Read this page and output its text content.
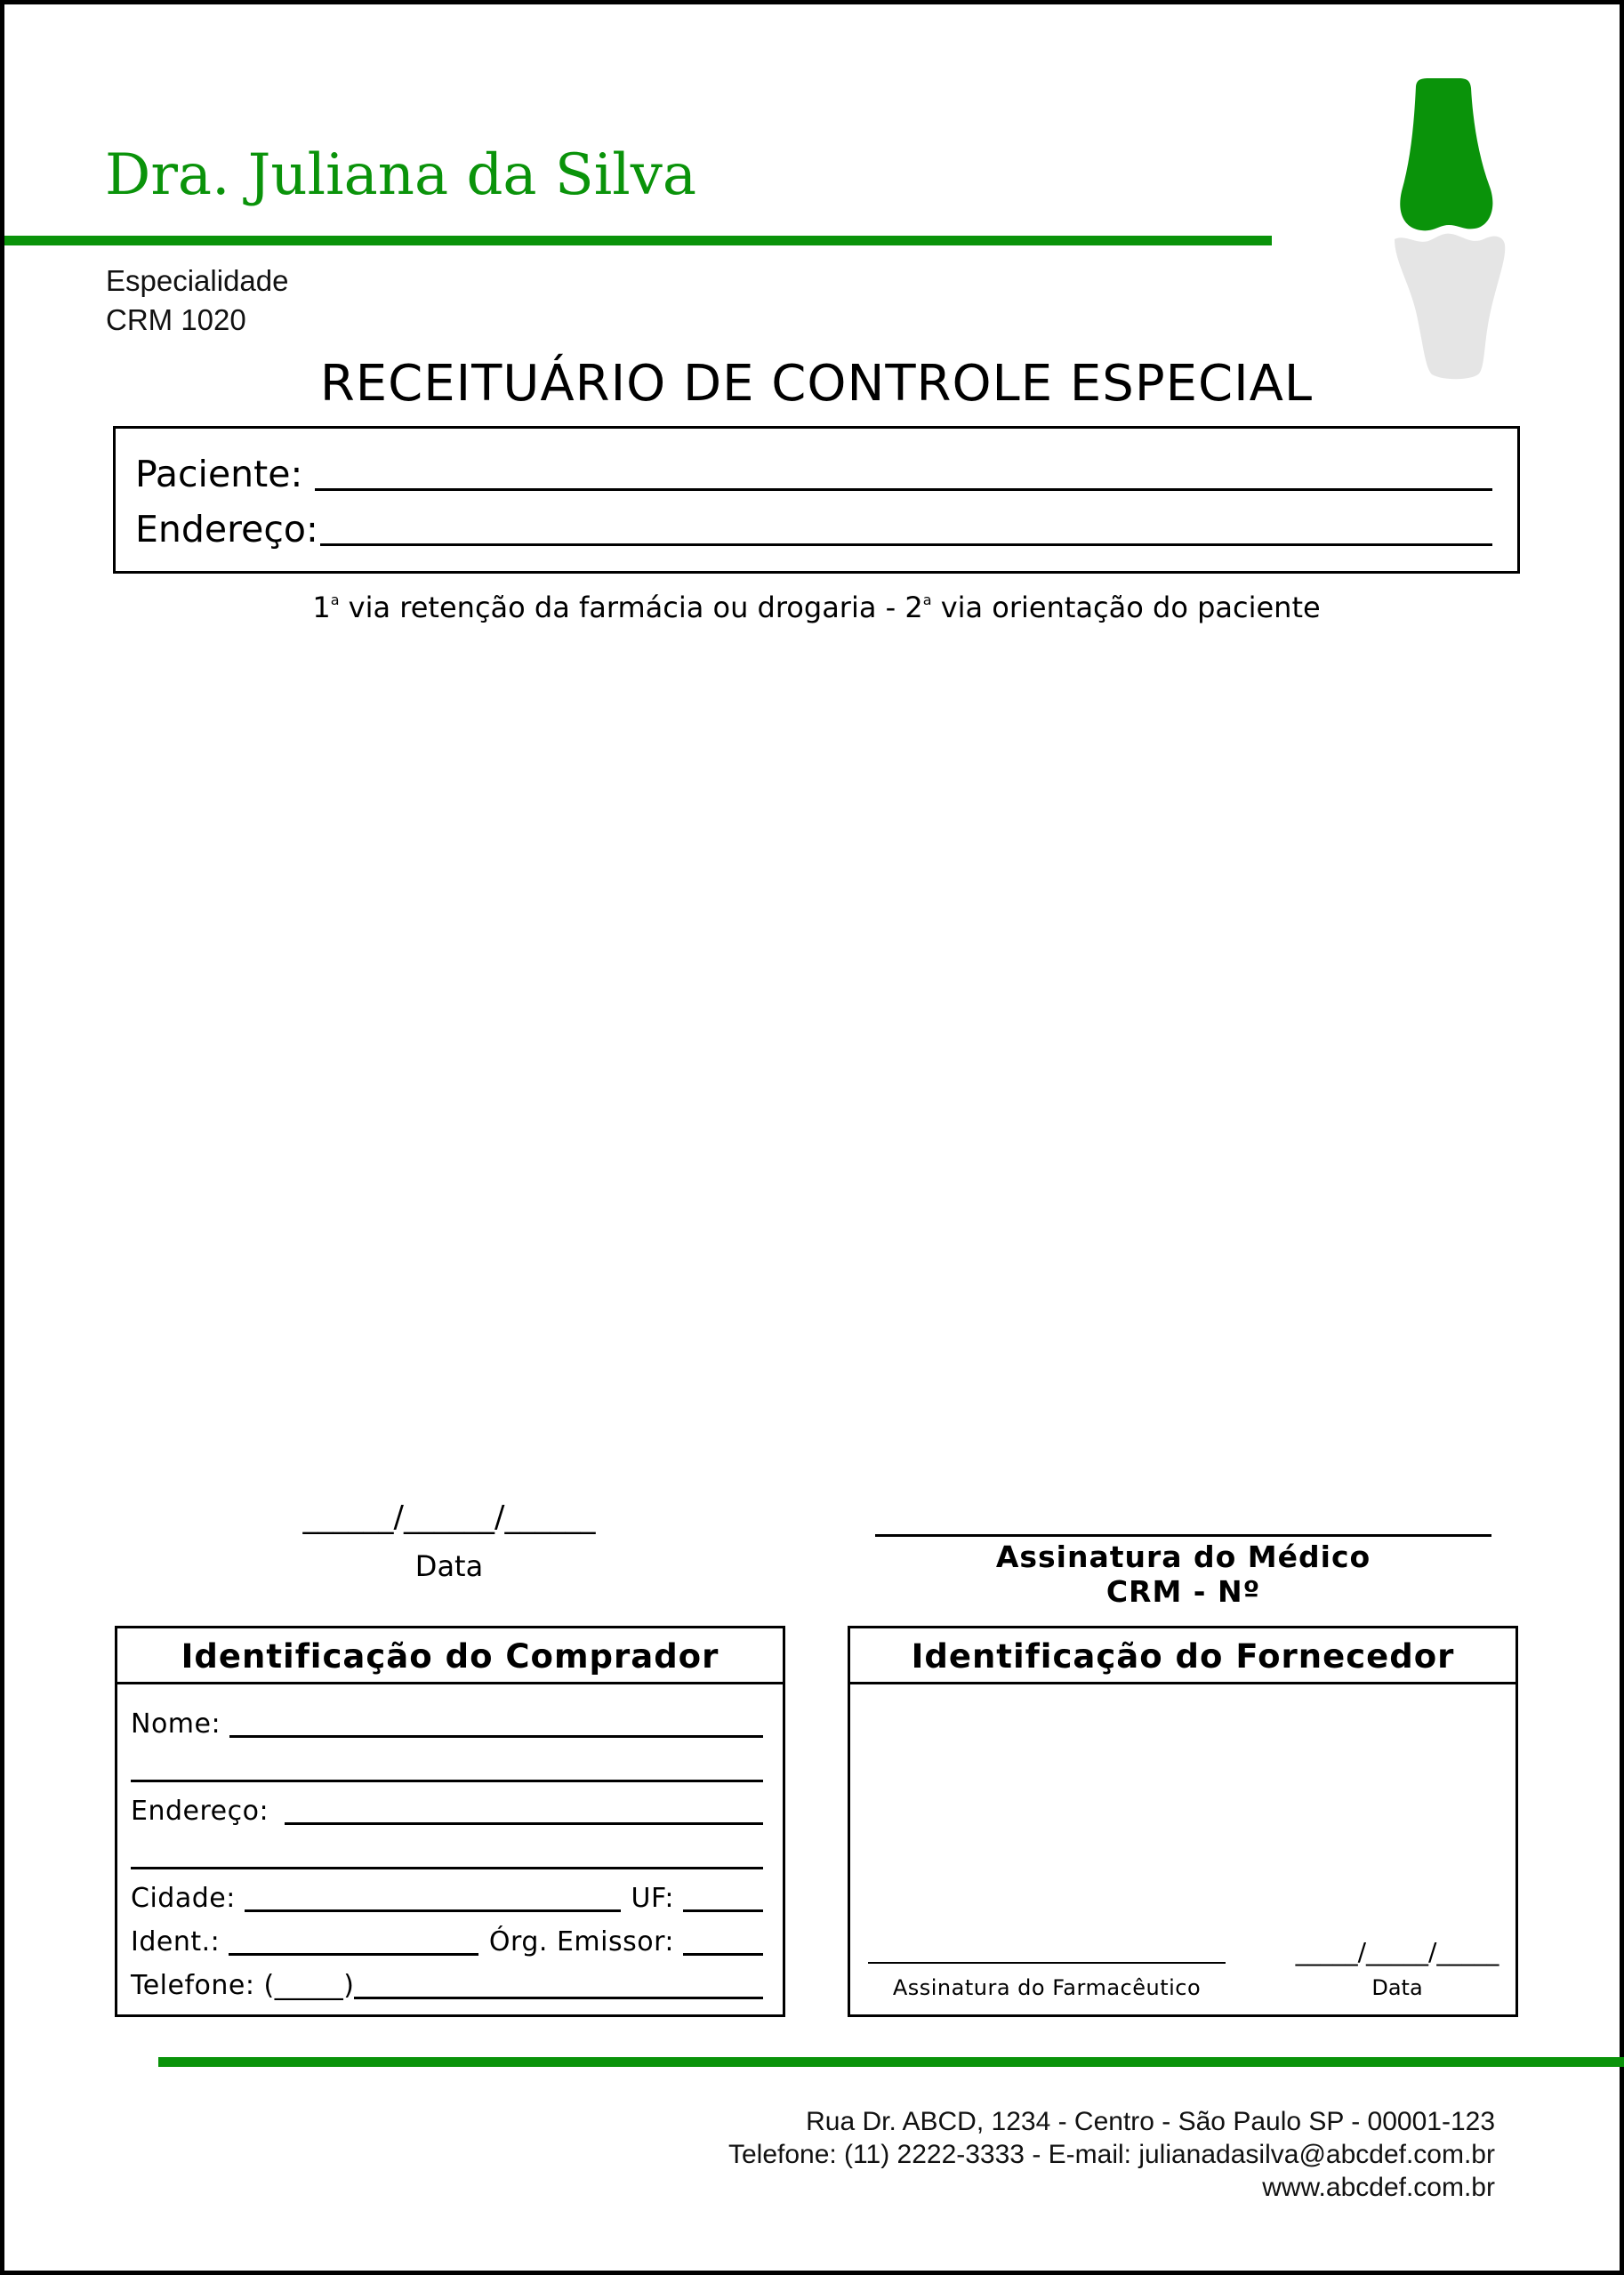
Dra. Juliana da Silva
Especialidade
CRM 1020
RECEITUÁRIO DE CONTROLE ESPECIAL
Paciente:
Endereço:
1$^a$ via retenção da farmácia ou drogaria - 2$^a$ via orientação do paciente
______/______/______
Data	Assinatura do Médico
CRM - Nº
Identificação do Comprador
Nome:
Endereço:
Cidade:	UF:
Ident.:	Órg. Emissor:
Telefone: (_____)
Identificação do Fornecedor
Assinatura do Farmacêutico
_____/_____/_____
Data
Rua Dr. ABCD, 1234 - Centro - São Paulo SP - 00001-123
Telefone: (11) 2222-3333 - E-mail: julianadasilva@abcdef.com.br
www.abcdef.com.br
